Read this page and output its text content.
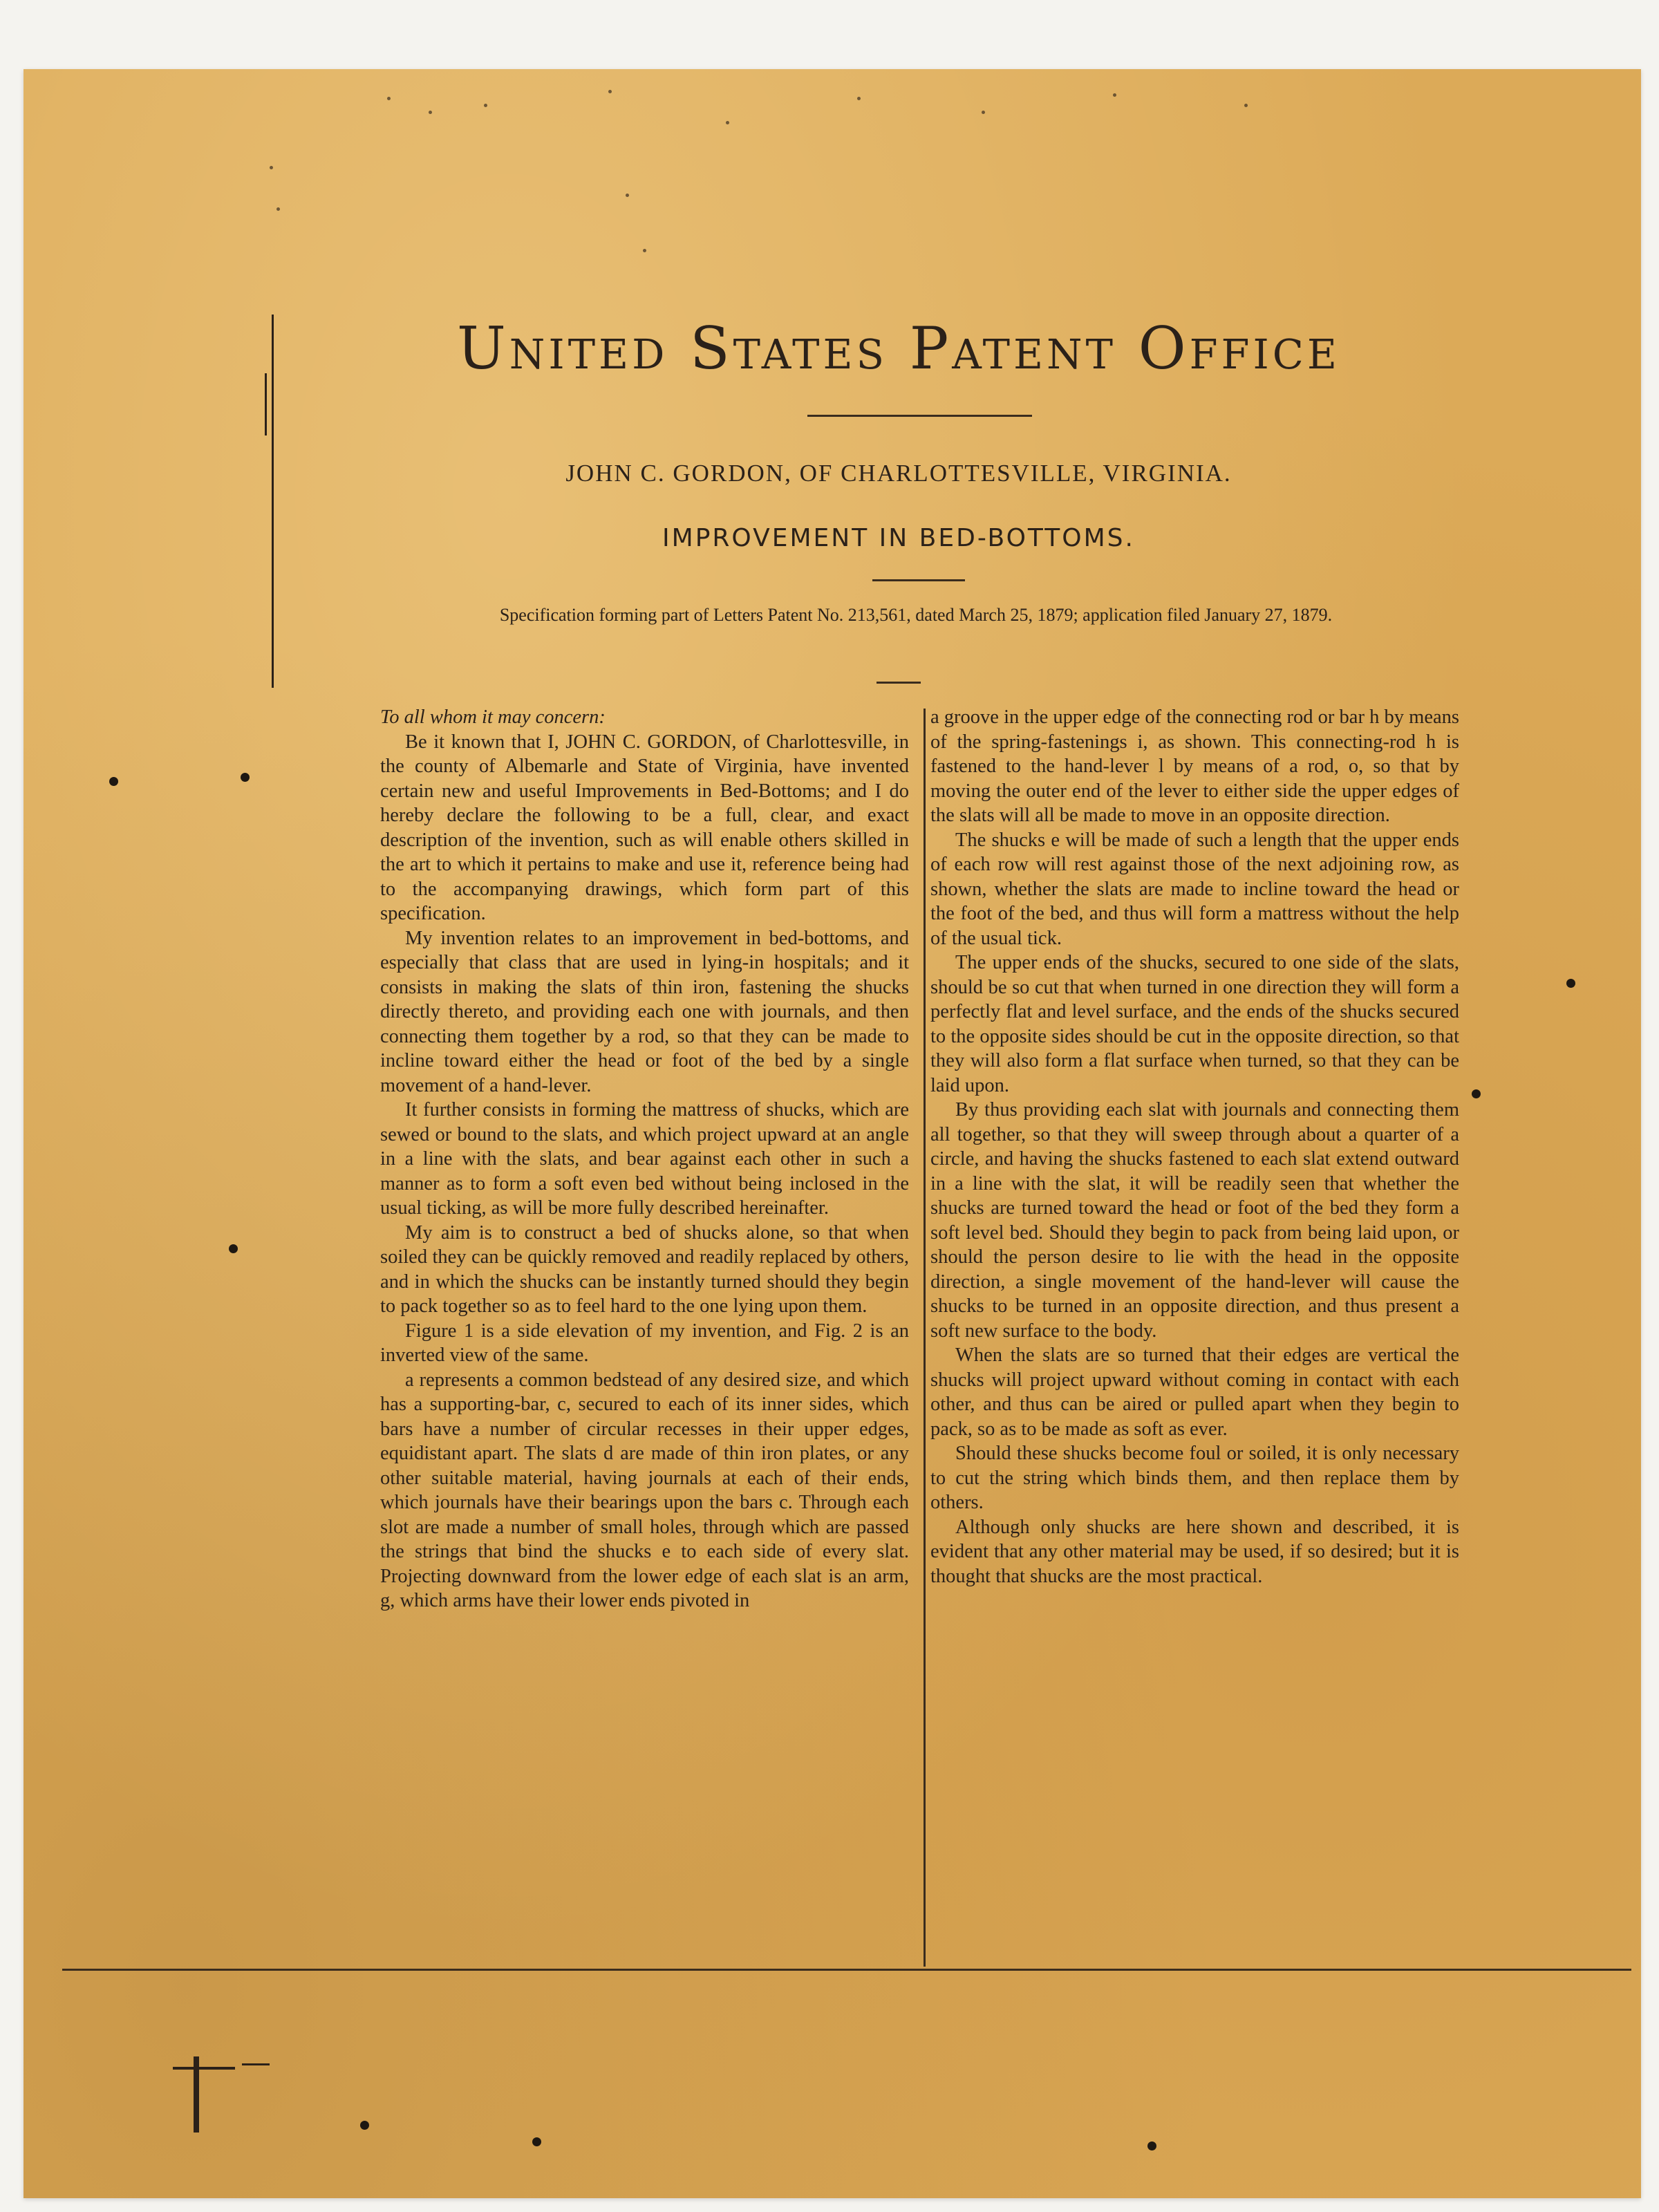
United States Patent Office
JOHN C. GORDON, OF CHARLOTTESVILLE, VIRGINIA.
IMPROVEMENT IN BED-BOTTOMS.
Specification forming part of Letters Patent No. 213,561, dated March 25, 1879; application filed January 27, 1879.

To all whom it may concern:

Be it known that I, JOHN C. GORDON, of Charlottesville, in the county of Albemarle and State of Virginia, have invented certain new and useful Improvements in Bed-Bottoms; and I do hereby declare the following to be a full, clear, and exact description of the invention, such as will enable others skilled in the art to which it pertains to make and use it, reference being had to the accompanying drawings, which form part of this specification.

My invention relates to an improvement in bed-bottoms, and especially that class that are used in lying-in hospitals; and it consists in making the slats of thin iron, fastening the shucks directly thereto, and providing each one with journals, and then connecting them together by a rod, so that they can be made to incline toward either the head or foot of the bed by a single movement of a hand-lever.

It further consists in forming the mattress of shucks, which are sewed or bound to the slats, and which project upward at an angle in a line with the slats, and bear against each other in such a manner as to form a soft even bed without being inclosed in the usual ticking, as will be more fully described hereinafter.

My aim is to construct a bed of shucks alone, so that when soiled they can be quickly removed and readily replaced by others, and in which the shucks can be instantly turned should they begin to pack together so as to feel hard to the one lying upon them.

Figure 1 is a side elevation of my invention, and Fig. 2 is an inverted view of the same.

a represents a common bedstead of any desired size, and which has a supporting-bar, c, secured to each of its inner sides, which bars have a number of circular recesses in their upper edges, equidistant apart. The slats d are made of thin iron plates, or any other suitable material, having journals at each of their ends, which journals have their bearings upon the bars c. Through each slot are made a number of small holes, through which are passed the strings that bind the shucks e to each side of every slat. Projecting downward from the lower edge of each slat is an arm, g, which arms have their lower ends pivoted in

a groove in the upper edge of the connecting rod or bar h by means of the spring-fastenings i, as shown. This connecting-rod h is fastened to the hand-lever l by means of a rod, o, so that by moving the outer end of the lever to either side the upper edges of the slats will all be made to move in an opposite direction.

The shucks e will be made of such a length that the upper ends of each row will rest against those of the next adjoining row, as shown, whether the slats are made to incline toward the head or the foot of the bed, and thus will form a mattress without the help of the usual tick.

The upper ends of the shucks, secured to one side of the slats, should be so cut that when turned in one direction they will form a perfectly flat and level surface, and the ends of the shucks secured to the opposite sides should be cut in the opposite direction, so that they will also form a flat surface when turned, so that they can be laid upon.

By thus providing each slat with journals and connecting them all together, so that they will sweep through about a quarter of a circle, and having the shucks fastened to each slat extend outward in a line with the slat, it will be readily seen that whether the shucks are turned toward the head or foot of the bed they form a soft level bed. Should they begin to pack from being laid upon, or should the person desire to lie with the head in the opposite direction, a single movement of the hand-lever will cause the shucks to be turned in an opposite direction, and thus present a soft new surface to the body.

When the slats are so turned that their edges are vertical the shucks will project upward without coming in contact with each other, and thus can be aired or pulled apart when they begin to pack, so as to be made as soft as ever.

Should these shucks become foul or soiled, it is only necessary to cut the string which binds them, and then replace them by others.

Although only shucks are here shown and described, it is evident that any other material may be used, if so desired; but it is thought that shucks are the most practical.
